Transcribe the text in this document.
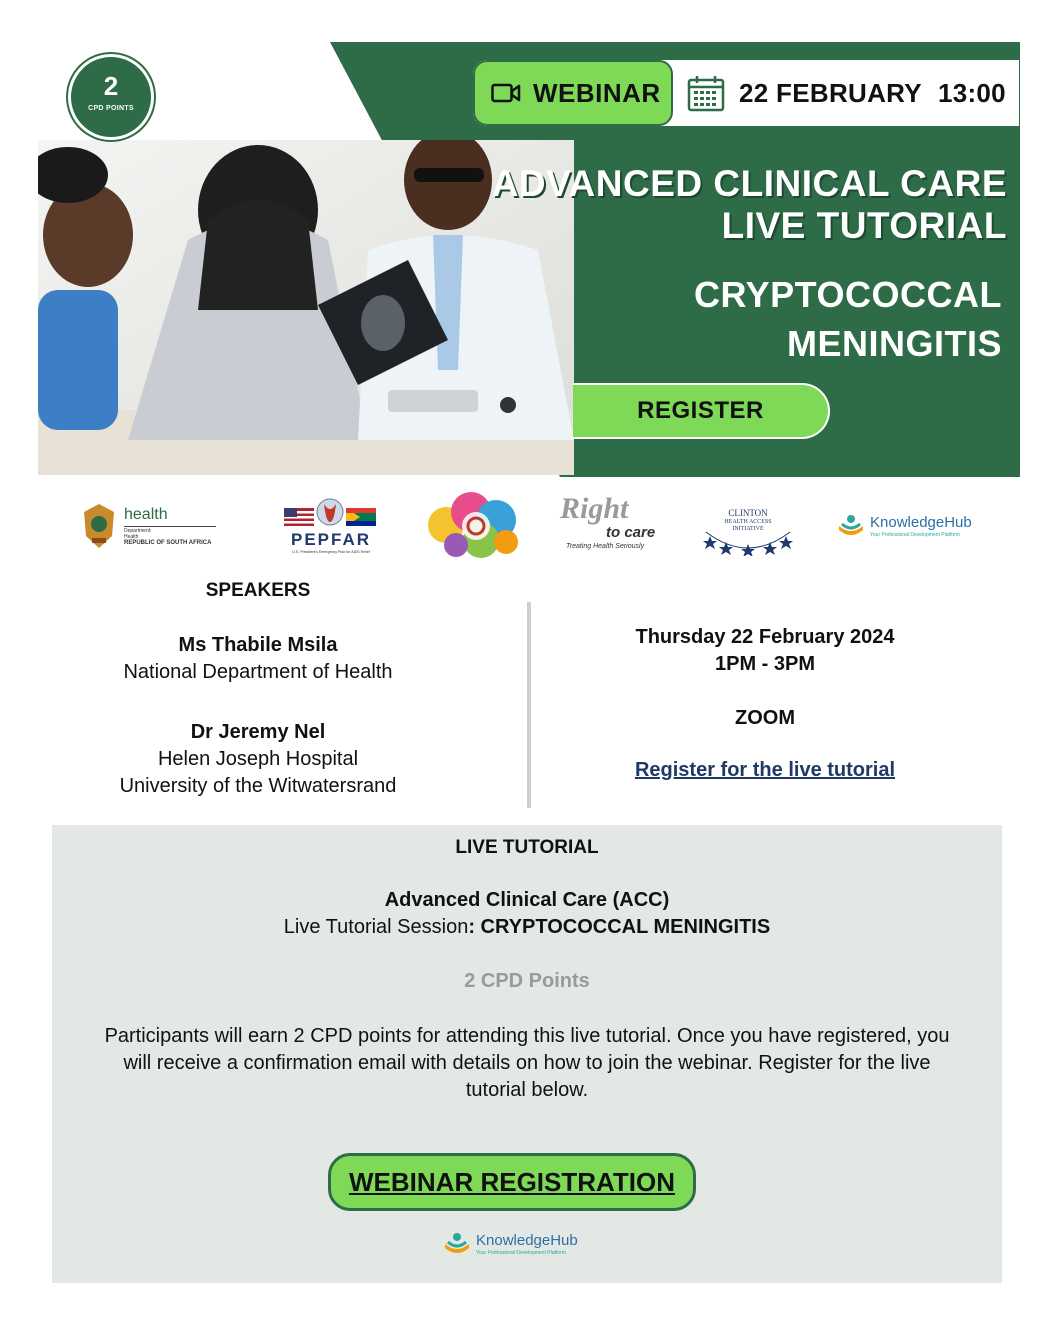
2
CPD POINTS
WEBINAR	22 FEBRUARY 13:00
ADVANCED CLINICAL CARE
LIVE TUTORIAL
CRYPTOCOCCAL
MENINGITIS
REGISTER
health
Department:
Health
REPUBLIC OF SOUTH AFRICA	PEPFAR
U.S. President's Emergency Plan for AIDS Relief
Right
to care
Treating Health Seriously
CLINTON
HEALTH ACCESS
INITIATIVE	KnowledgeHub
Your Professional Development Platform
SPEAKERS
Ms Thabile Msila
National Department of Health
Dr Jeremy Nel
Helen Joseph Hospital
University of the Witwatersrand
Thursday 22 February 2024
1PM - 3PM
ZOOM
Register for the live tutorial
LIVE TUTORIAL
Advanced Clinical Care (ACC)
Live Tutorial Session: CRYPTOCOCCAL MENINGITIS
2 CPD Points
Participants will earn 2 CPD points for attending this live tutorial. Once you have registered, you
will receive a confirmation email with details on how to join the webinar. Register for the live
tutorial below.
WEBINAR REGISTRATION
KnowledgeHub
Your Professional Development Platform
